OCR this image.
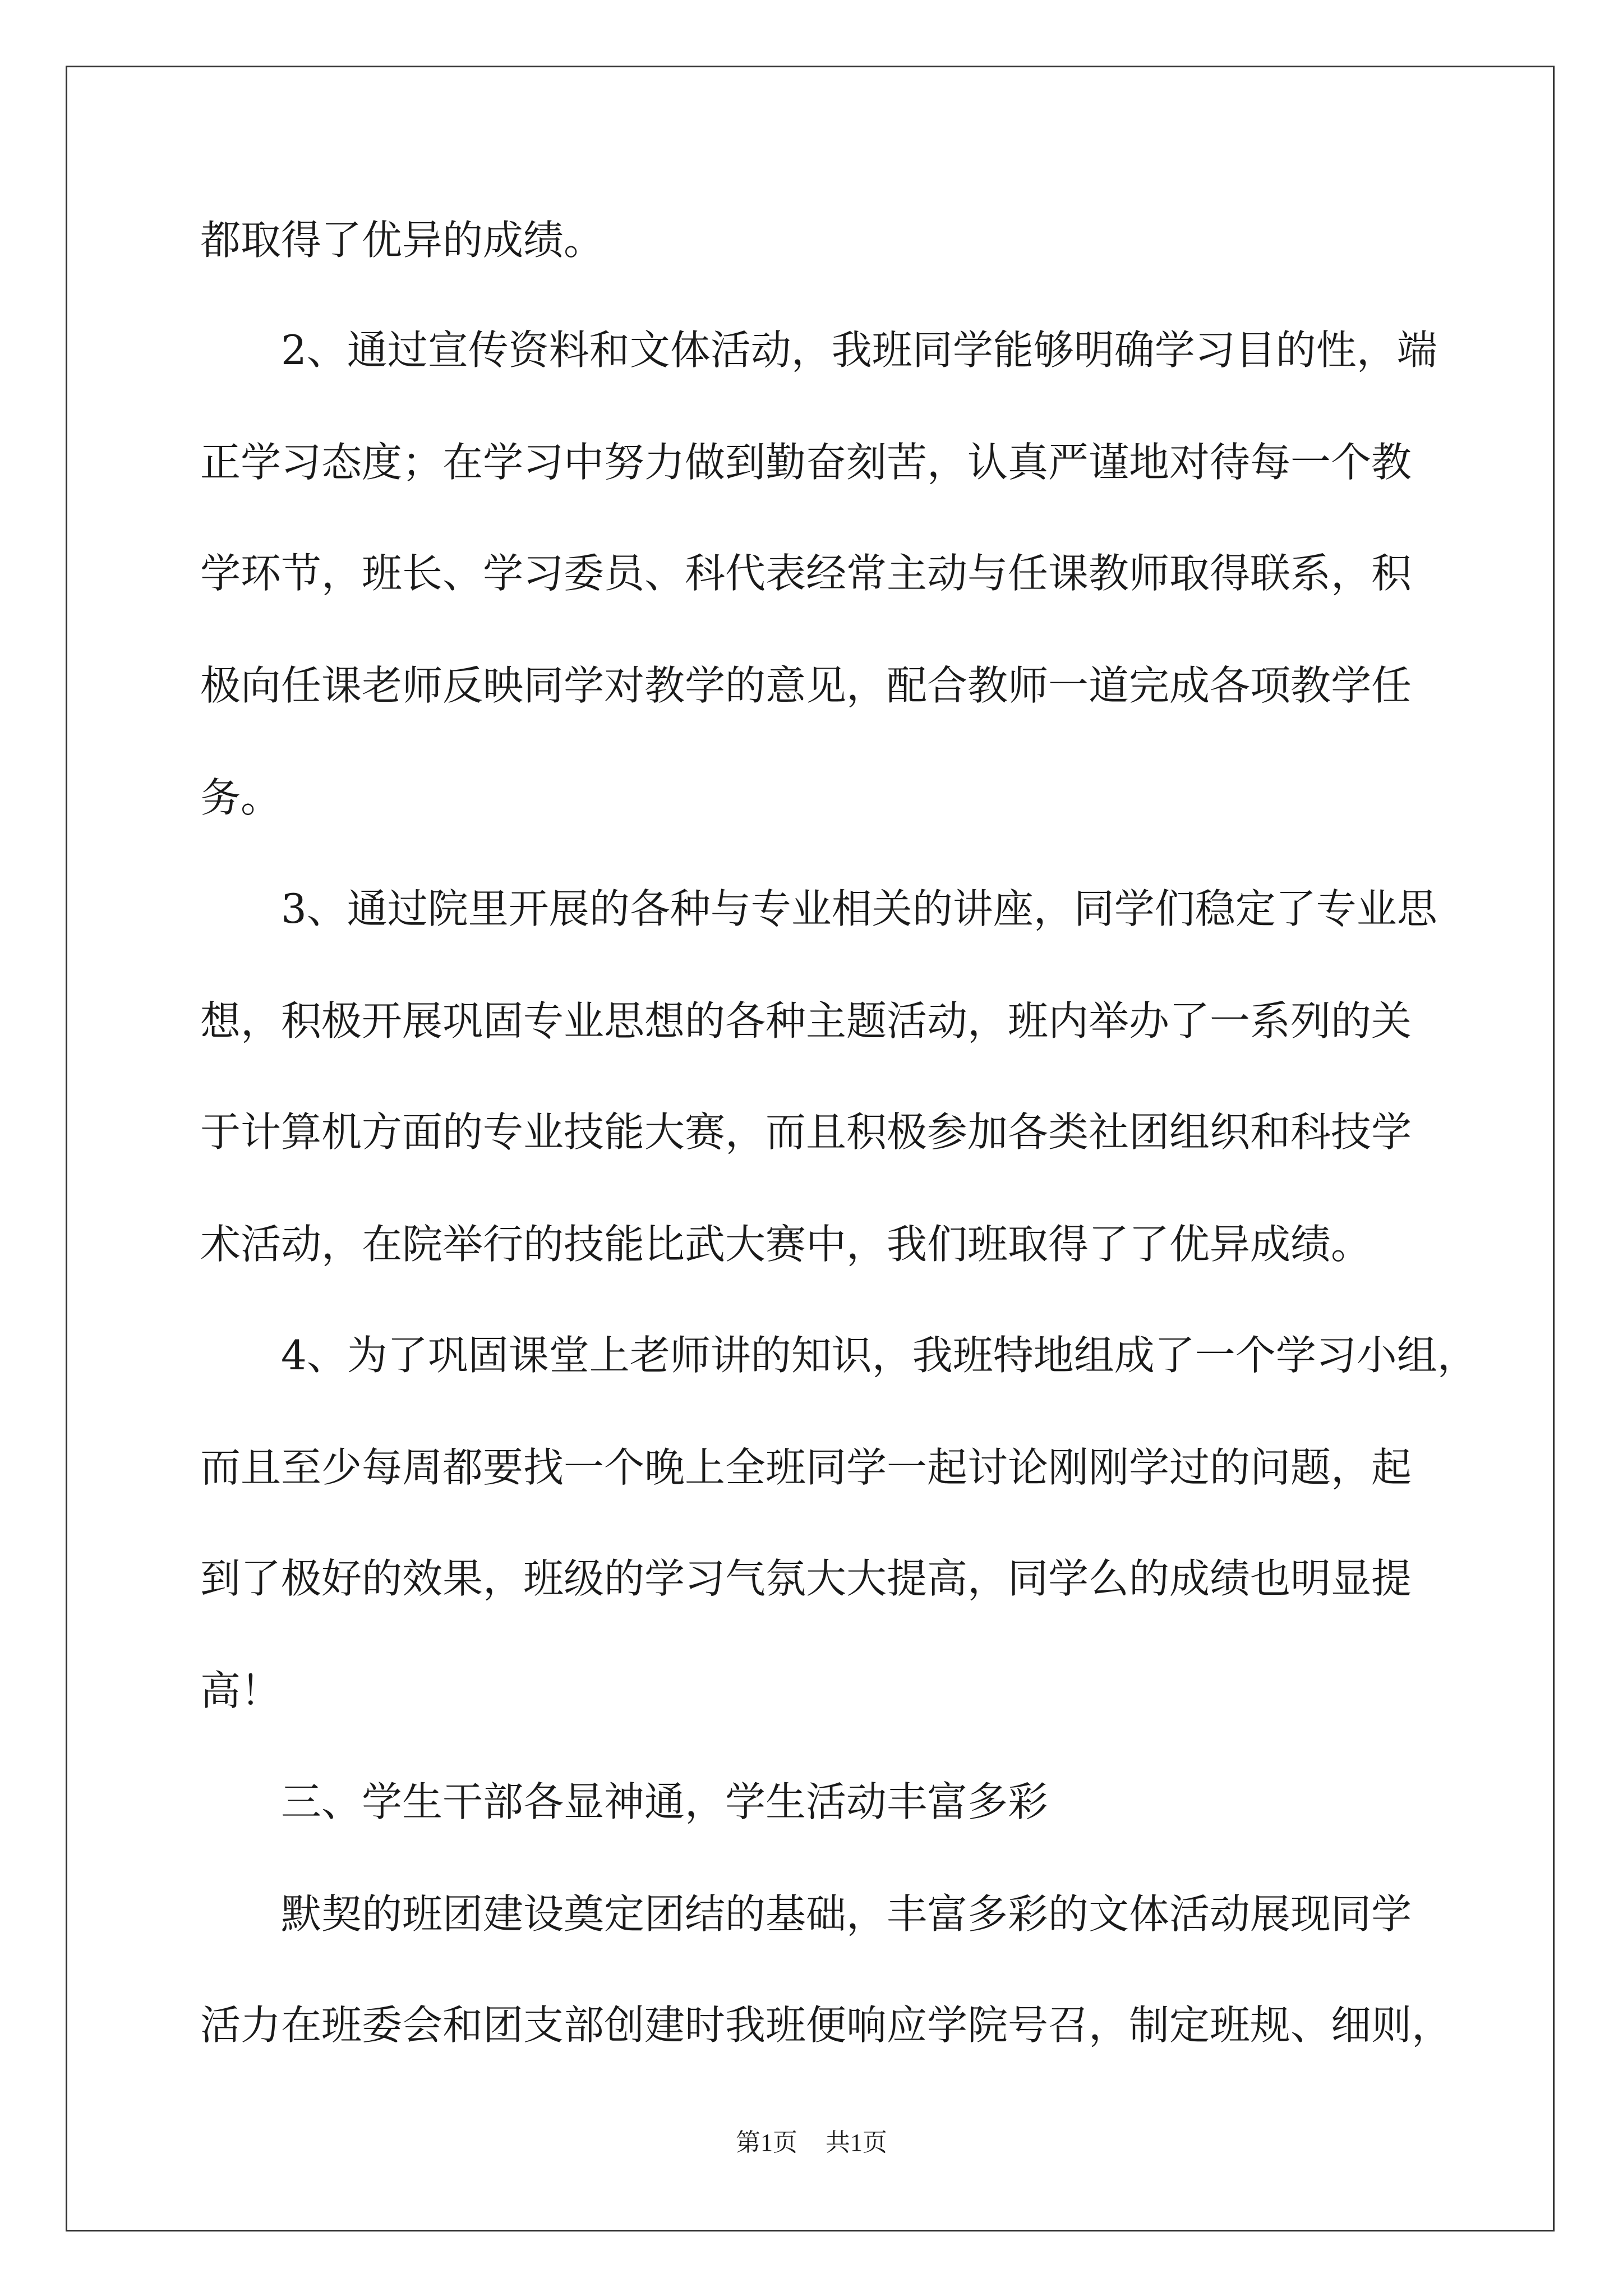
都取得了优异的成绩。
2、通过宣传资料和文体活动，我班同学能够明确学习目的性，端
正学习态度；在学习中努力做到勤奋刻苦，认真严谨地对待每一个教
学环节，班长、学习委员、科代表经常主动与任课教师取得联系，积
极向任课老师反映同学对教学的意见，配合教师一道完成各项教学任
务。
3、通过院里开展的各种与专业相关的讲座，同学们稳定了专业思
想，积极开展巩固专业思想的各种主题活动，班内举办了一系列的关
于计算机方面的专业技能大赛，而且积极参加各类社团组织和科技学
术活动，在院举行的技能比武大赛中，我们班取得了了优异成绩。
4、为了巩固课堂上老师讲的知识，我班特地组成了一个学习小组，
而且至少每周都要找一个晚上全班同学一起讨论刚刚学过的问题，起
到了极好的效果，班级的学习气氛大大提高，同学么的成绩也明显提
高！
三、学生干部各显神通，学生活动丰富多彩
默契的班团建设奠定团结的基础，丰富多彩的文体活动展现同学
活力在班委会和团支部创建时我班便响应学院号召，制定班规、细则，
第1页 共1页
